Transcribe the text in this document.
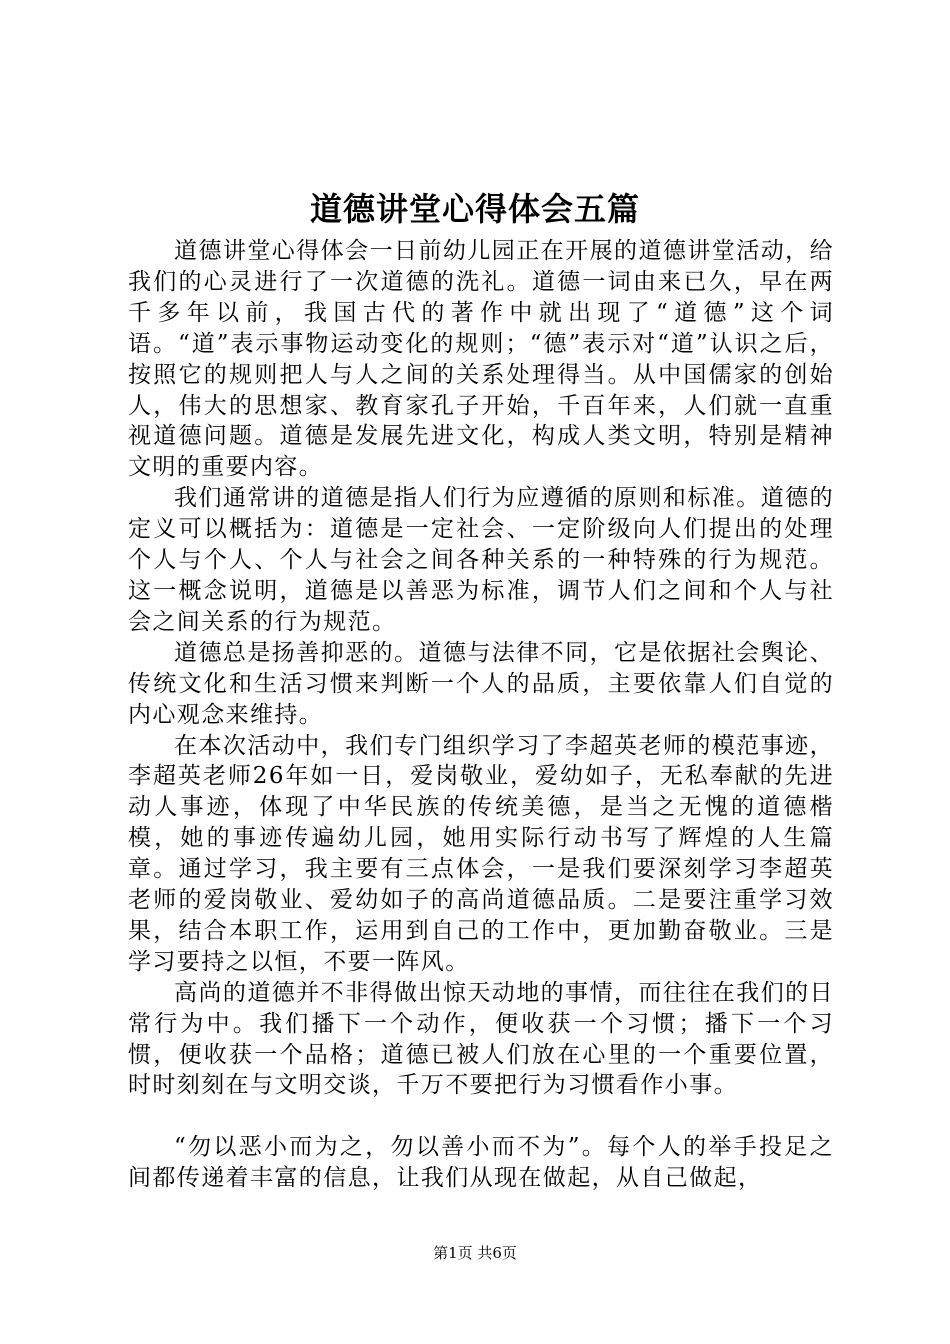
道德讲堂心得体会五篇

道德讲堂心得体会一日前幼儿园正在开展的道德讲堂活动，给我们的心灵进行了一次道德的洗礼。道德一词由来已久，早在两千多年以前，我国古代的著作中就出现了“道德”这个词语。“道”表示事物运动变化的规则；“德”表示对“道”认识之后，按照它的规则把人与人之间的关系处理得当。从中国儒家的创始人，伟大的思想家、教育家孔子开始，千百年来，人们就一直重视道德问题。道德是发展先进文化，构成人类文明，特别是精神文明的重要内容。

我们通常讲的道德是指人们行为应遵循的原则和标准。道德的定义可以概括为：道德是一定社会、一定阶级向人们提出的处理个人与个人、个人与社会之间各种关系的一种特殊的行为规范。这一概念说明，道德是以善恶为标准，调节人们之间和个人与社会之间关系的行为规范。

道德总是扬善抑恶的。道德与法律不同，它是依据社会舆论、传统文化和生活习惯来判断一个人的品质，主要依靠人们自觉的内心观念来维持。

在本次活动中，我们专门组织学习了李超英老师的模范事迹，李超英老师26年如一日，爱岗敬业，爱幼如子，无私奉献的先进动人事迹，体现了中华民族的传统美德，是当之无愧的道德楷模，她的事迹传遍幼儿园，她用实际行动书写了辉煌的人生篇章。通过学习，我主要有三点体会，一是我们要深刻学习李超英老师的爱岗敬业、爱幼如子的高尚道德品质。二是要注重学习效果，结合本职工作，运用到自己的工作中，更加勤奋敬业。三是学习要持之以恒，不要一阵风。

高尚的道德并不非得做出惊天动地的事情，而往往在我们的日常行为中。我们播下一个动作，便收获一个习惯；播下一个习惯，便收获一个品格；道德已被人们放在心里的一个重要位置，时时刻刻在与文明交谈，千万不要把行为习惯看作小事。

“勿以恶小而为之，勿以善小而不为”。每个人的举手投足之间都传递着丰富的信息，让我们从现在做起，从自己做起，

第1页 共6页
